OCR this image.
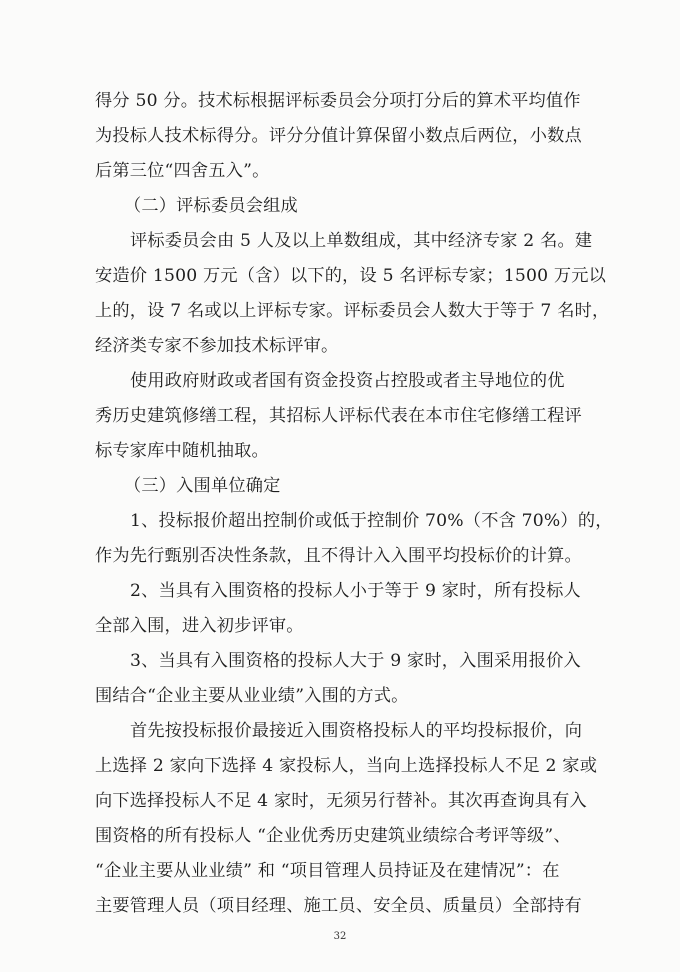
得分 50 分。技术标根据评标委员会分项打分后的算术平均值作
为投标人技术标得分。评分分值计算保留小数点后两位，小数点
后第三位“四舍五入”。
（二）评标委员会组成
评标委员会由 5 人及以上单数组成，其中经济专家 2 名。建
安造价 1500 万元（含）以下的，设 5 名评标专家；1500 万元以
上的，设 7 名或以上评标专家。评标委员会人数大于等于 7 名时，
经济类专家不参加技术标评审。
使用政府财政或者国有资金投资占控股或者主导地位的优
秀历史建筑修缮工程，其招标人评标代表在本市住宅修缮工程评
标专家库中随机抽取。
（三）入围单位确定
1、投标报价超出控制价或低于控制价 70%（不含 70%）的，
作为先行甄别否决性条款，且不得计入入围平均投标价的计算。
2、当具有入围资格的投标人小于等于 9 家时，所有投标人
全部入围，进入初步评审。
3、当具有入围资格的投标人大于 9 家时，入围采用报价入
围结合“企业主要从业业绩”入围的方式。
首先按投标报价最接近入围资格投标人的平均投标报价，向
上选择 2 家向下选择 4 家投标人，当向上选择投标人不足 2 家或
向下选择投标人不足 4 家时，无须另行替补。其次再查询具有入
围资格的所有投标人 “企业优秀历史建筑业绩综合考评等级”、
“企业主要从业业绩” 和 “项目管理人员持证及在建情况”：在
主要管理人员（项目经理、施工员、安全员、质量员）全部持有
32
